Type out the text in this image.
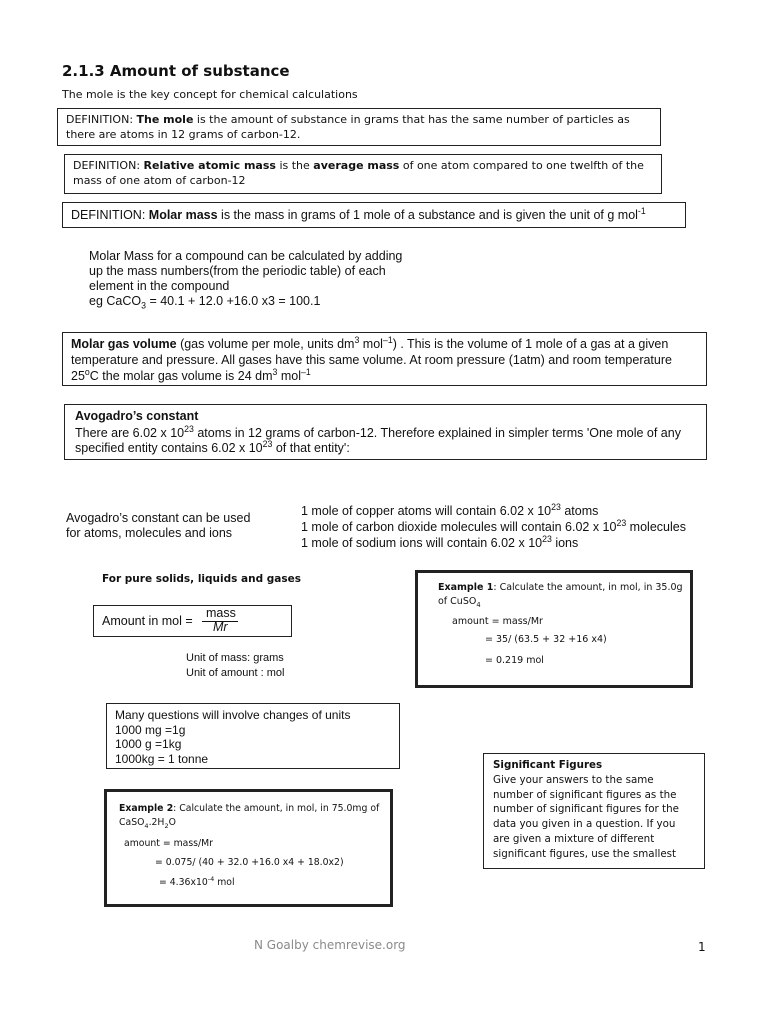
2.1.3 Amount of substance
The mole is the key concept for chemical calculations
DEFINITION: The mole is the amount of substance in grams that has the same number of particles as there are atoms in 12 grams of carbon-12.
DEFINITION: Relative atomic mass is the average mass of one atom compared to one twelfth of the mass of one atom of carbon-12
DEFINITION: Molar mass is the mass in grams of 1 mole of a substance and is given the unit of g mol$^{-1}$

Molar Mass for a compound can be calculated by adding

up the mass numbers(from the periodic table) of each

element in the compound

eg CaCO$_3$ = 40.1 + 12.0 +16.0 x3 = 100.1

Molar gas volume (gas volume per mole, units $dm^3$ mol$^{-1}$) . This is the volume of 1 mole of a gas at a given temperature and pressure. All gases have this same volume. At room pressure (1atm) and room temperature 25$^o$C the molar gas volume is 24 $dm^3$ mol$^{-1}$

Avogadro’s constant

There are 6.02 x $10^{23}$ atoms in 12 grams of carbon-12. Therefore explained in simpler terms 'One mole of any specified entity contains 6.02 x $10^{23}$ of that entity':

Avogadro’s constant can be used

for atoms, molecules and ions

1 mole of copper atoms will contain 6.02 x $10^{23}$ atoms

1 mole of carbon dioxide molecules will contain 6.02 x $10^{23}$ molecules

1 mole of sodium ions will contain 6.02 x $10^{23}$ ions

For pure solids, liquids and gases
Amount in mol =
mass
Mr

Unit of mass: grams

Unit of amount : mol

Example 1: Calculate the amount, in mol, in 35.0g of CuSO$_4$

amount = mass/Mr

= 35/ (63.5 + 32 +16 x4)

= 0.219 mol

Many questions will involve changes of units

1000 mg =1g

1000 g =1kg

1000kg = 1 tonne	Significant Figures

Give your answers to the same

number of significant figures as the

number of significant figures for the

data you given in a question. If you

are given a mixture of different

significant figures, use the smallest

Example 2: Calculate the amount, in mol, in 75.0mg of

$CaSO_4.2H_2O$

amount = mass/Mr

= 0.075/ (40 + 32.0 +16.0 x4 + 18.0x2)

= $4.36x10^{-4}$ mol

N Goalby chemrevise.org	1
